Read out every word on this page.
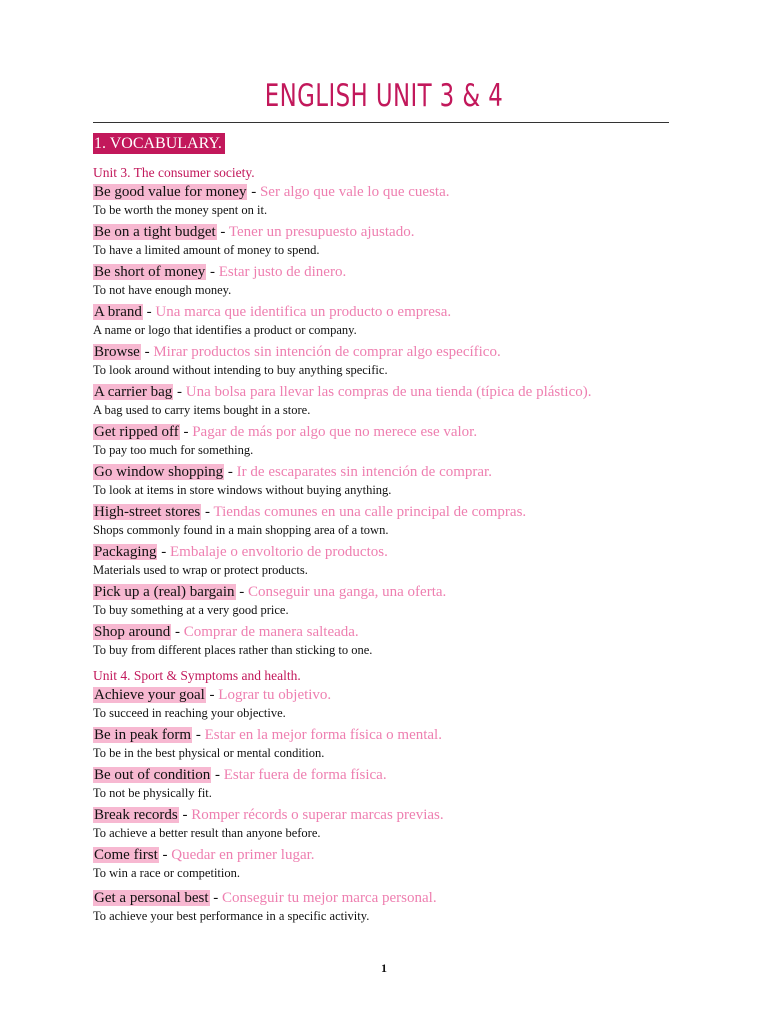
ENGLISH UNIT 3 & 4
1. VOCABULARY.
Unit 3. The consumer society.
Be good value for money - Ser algo que vale lo que cuesta.
To be worth the money spent on it.
Be on a tight budget - Tener un presupuesto ajustado.
To have a limited amount of money to spend.
Be short of money - Estar justo de dinero.
To not have enough money.
A brand - Una marca que identifica un producto o empresa.
A name or logo that identifies a product or company.
Browse - Mirar productos sin intención de comprar algo específico.
To look around without intending to buy anything specific.
A carrier bag - Una bolsa para llevar las compras de una tienda (típica de plástico).
A bag used to carry items bought in a store.
Get ripped off - Pagar de más por algo que no merece ese valor.
To pay too much for something.
Go window shopping - Ir de escaparates sin intención de comprar.
To look at items in store windows without buying anything.
High-street stores - Tiendas comunes en una calle principal de compras.
Shops commonly found in a main shopping area of a town.
Packaging - Embalaje o envoltorio de productos.
Materials used to wrap or protect products.
Pick up a (real) bargain - Conseguir una ganga, una oferta.
To buy something at a very good price.
Shop around - Comprar de manera salteada.
To buy from different places rather than sticking to one.
Unit 4. Sport & Symptoms and health.
Achieve your goal - Lograr tu objetivo.
To succeed in reaching your objective.
Be in peak form - Estar en la mejor forma física o mental.
To be in the best physical or mental condition.
Be out of condition - Estar fuera de forma física.
To not be physically fit.
Break records - Romper récords o superar marcas previas.
To achieve a better result than anyone before.
Come first - Quedar en primer lugar.
To win a race or competition.
Get a personal best - Conseguir tu mejor marca personal.
To achieve your best performance in a specific activity.
1
